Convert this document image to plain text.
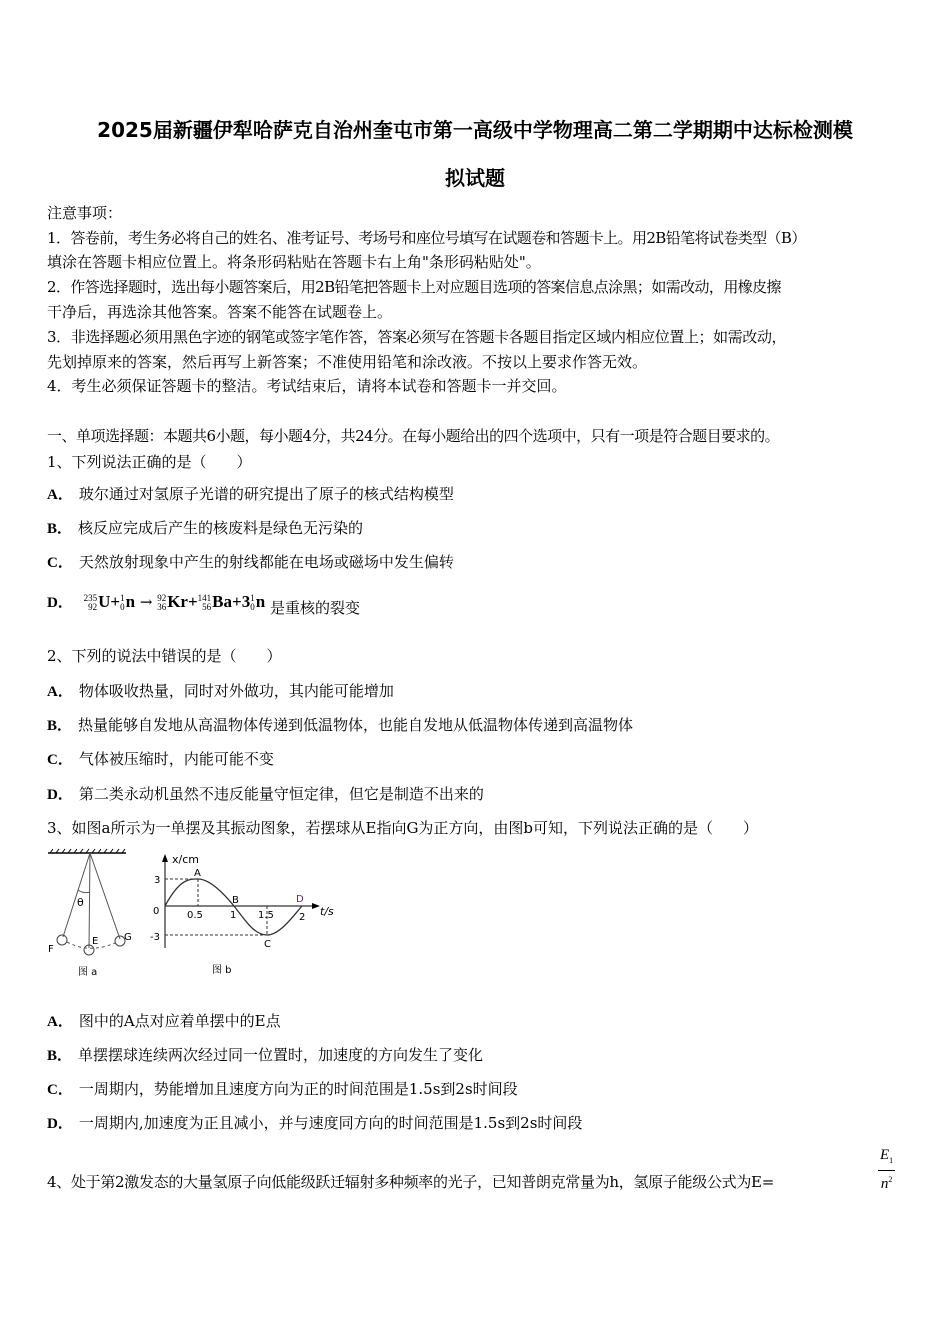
2025届新疆伊犁哈萨克自治州奎屯市第一高级中学物理高二第二学期期中达标检测模
拟试题
注意事项：
1．答卷前，考生务必将自己的姓名、准考证号、考场号和座位号填写在试题卷和答题卡上。用2B铅笔将试卷类型（B）
填涂在答题卡相应位置上。将条形码粘贴在答题卡右上角"条形码粘贴处"。
2．作答选择题时，选出每小题答案后，用2B铅笔把答题卡上对应题目选项的答案信息点涂黑；如需改动，用橡皮擦
干净后，再选涂其他答案。答案不能答在试题卷上。
3．非选择题必须用黑色字迹的钢笔或签字笔作答，答案必须写在答题卡各题目指定区域内相应位置上；如需改动，
先划掉原来的答案，然后再写上新答案；不准使用铅笔和涂改液。不按以上要求作答无效。
4．考生必须保证答题卡的整洁。考试结束后，请将本试卷和答题卡一并交回。
一、单项选择题：本题共6小题，每小题4分，共24分。在每小题给出的四个选项中，只有一项是符合题目要求的。
1、下列说法正确的是（　　）
A． 玻尔通过对氢原子光谱的研究提出了原子的核式结构模型
B． 核反应完成后产生的核废料是绿色无污染的
C． 天然放射现象中产生的射线都能在电场或磁场中发生偏转
D． 235
92 U+ 1
0 n → 92
36 Kr+ 141
56 Ba+3 1
0 n 是重核的裂变
2、下列的说法中错误的是（　　）
A． 物体吸收热量，同时对外做功，其内能可能增加
B． 热量能够自发地从高温物体传递到低温物体，也能自发地从低温物体传递到高温物体
C． 气体被压缩时，内能可能不变
D． 第二类永动机虽然不违反能量守恒定律，但它是制造不出来的
3、如图a所示为一单摆及其振动图象，若摆球从E指向G为正方向，由图b可知，下列说法正确的是（　　）
θ
F
E	G
图 a
x/cm
t/s
3
-3
0	0.5	1 1.5	2
A
B
C
D
图 b
A． 图中的A点对应着单摆中的E点
B． 单摆摆球连续两次经过同一位置时，加速度的方向发生了变化
C． 一周期内，势能增加且速度方向为正的时间范围是1.5s到2s时间段
D． 一周期内,加速度为正且减小，并与速度同方向的时间范围是1.5s到2s时间段
4、处于第2激发态的大量氢原子向低能级跃迁辐射多种频率的光子，已知普朗克常量为h，氢原子能级公式为E=	$\frac{E_1}{n^2}$
